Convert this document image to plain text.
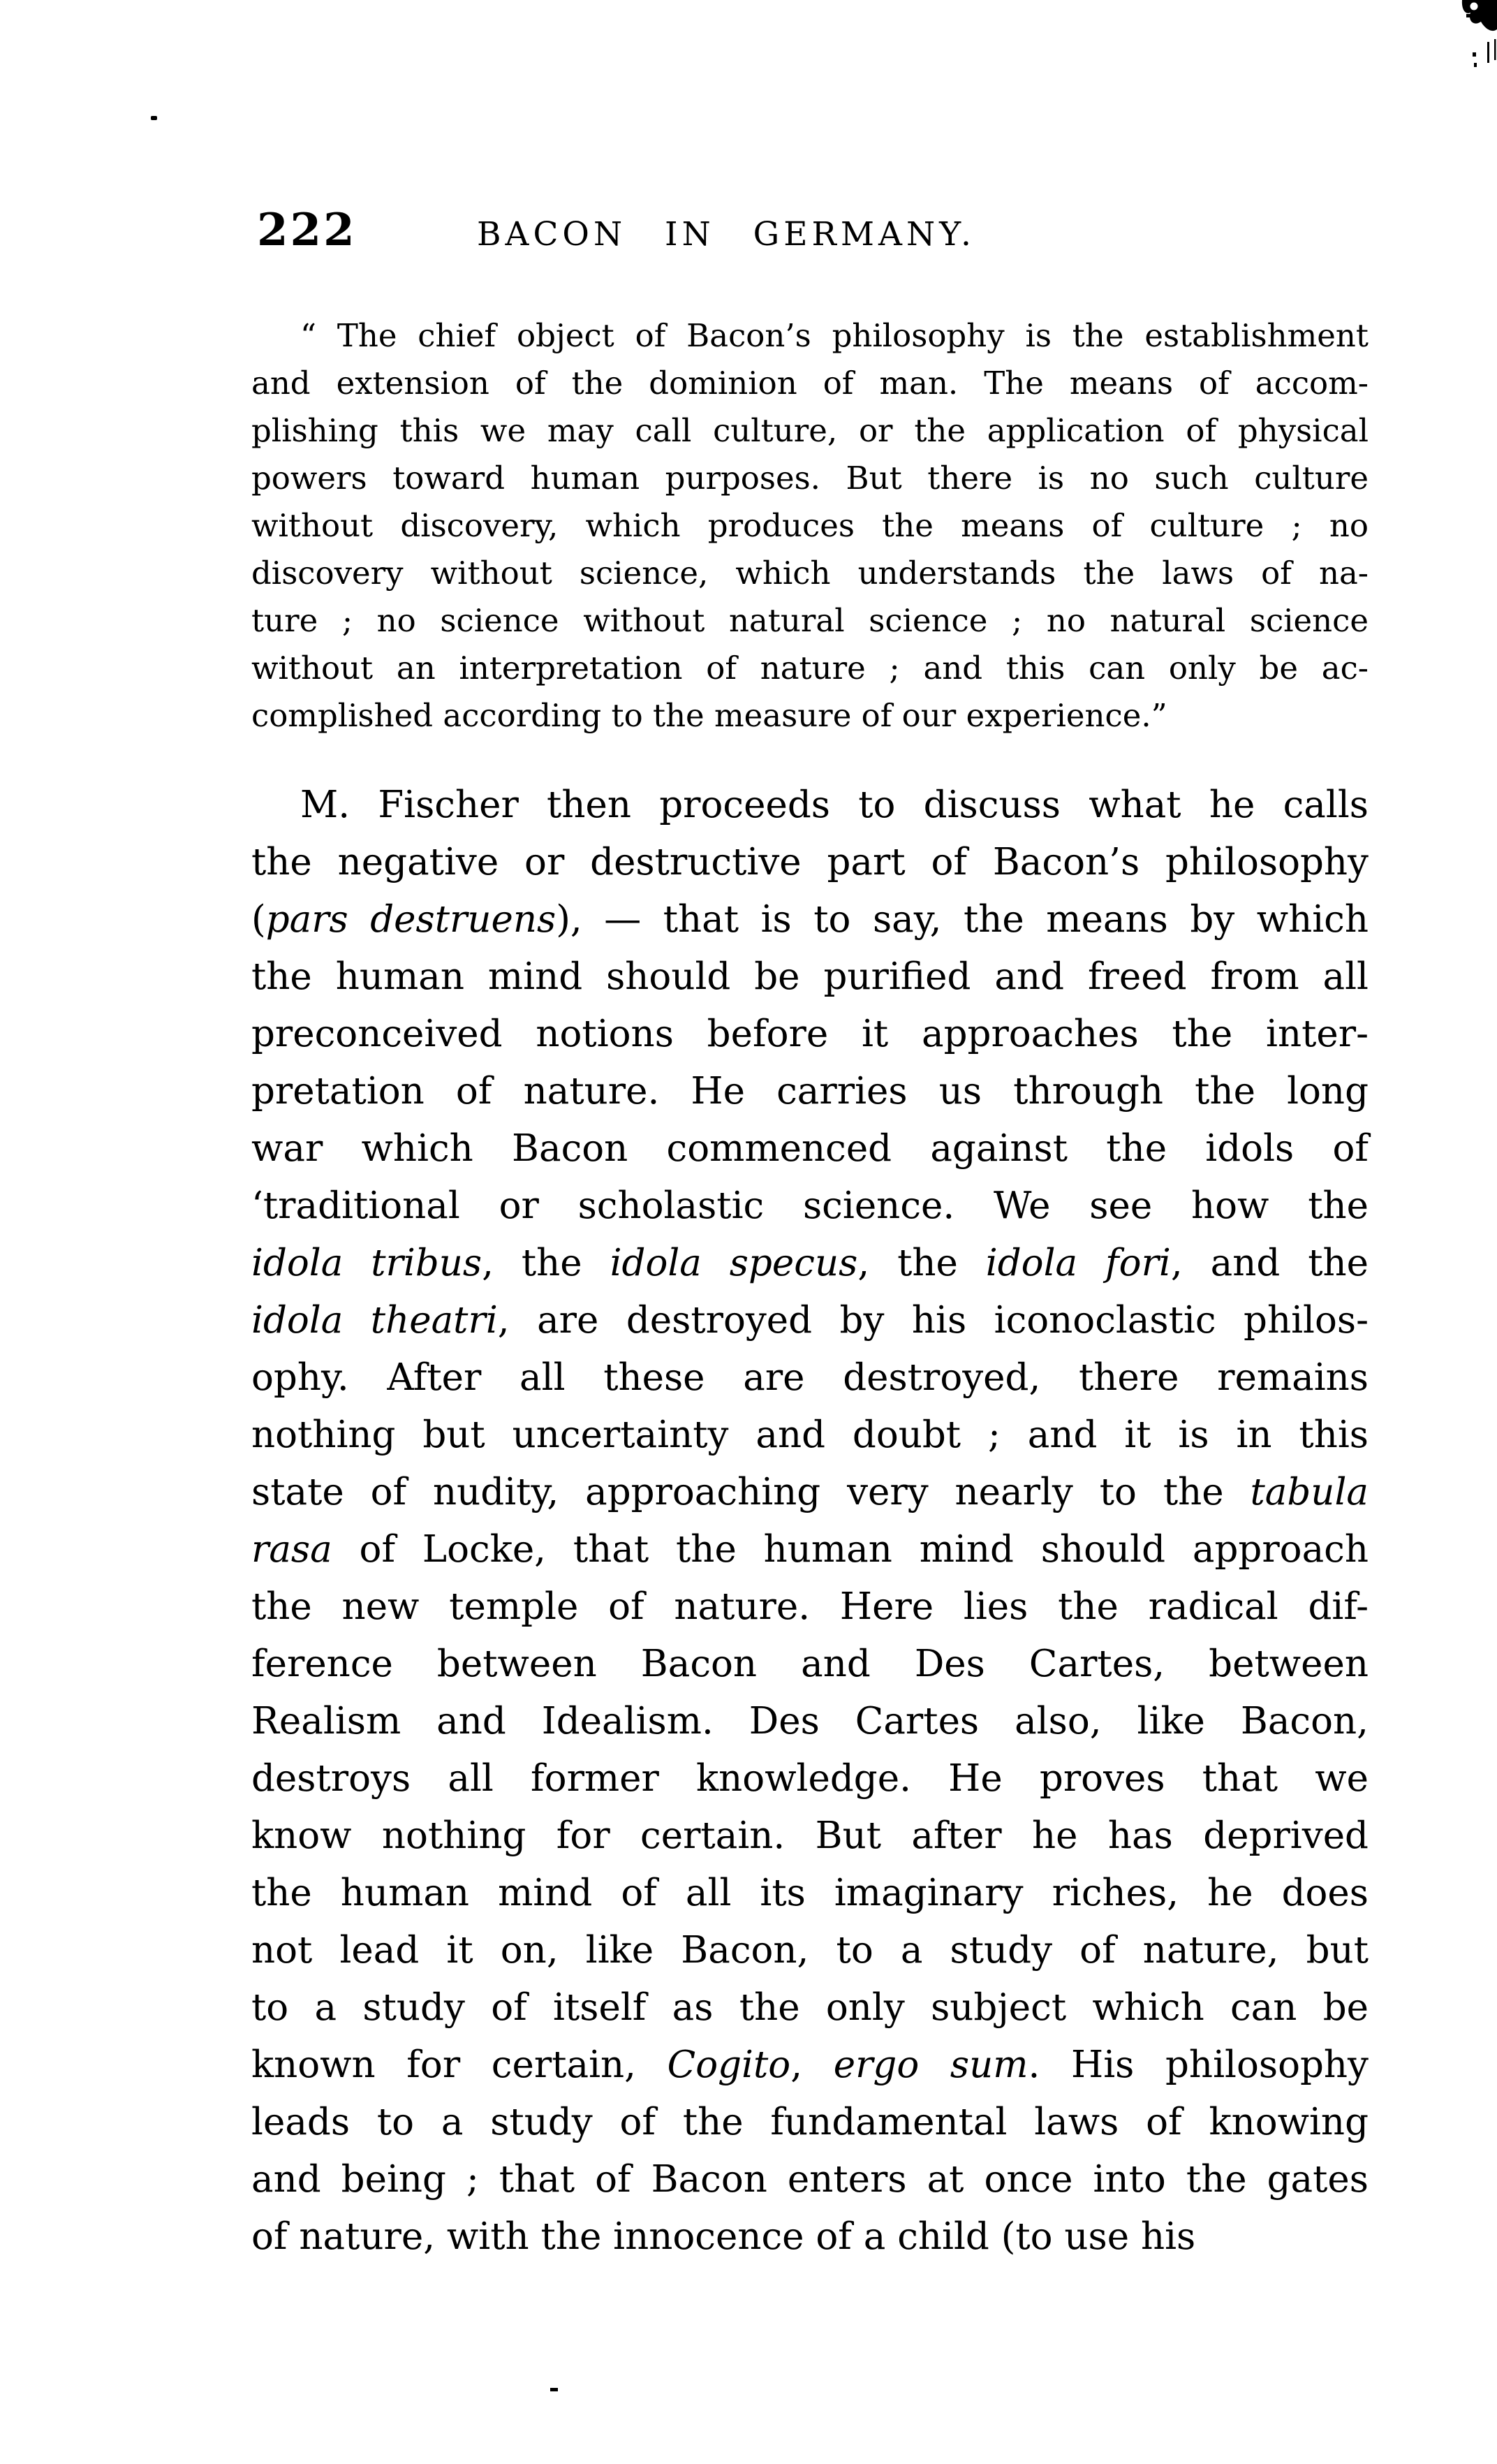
222	BACON IN GERMANY.
“ The chief object of Bacon’s philosophy is the establishment
and extension of the dominion of man. The means of accom-
plishing this we may call culture, or the application of physical
powers toward human purposes. But there is no such culture
without discovery, which produces the means of culture ; no
discovery without science, which understands the laws of na-
ture ; no science without natural science ; no natural science
without an interpretation of nature ; and this can only be ac-
complished according to the measure of our experience.”
M. Fischer then proceeds to discuss what he calls
the negative or destructive part of Bacon’s philosophy
(pars destruens), — that is to say, the means by which
the human mind should be purified and freed from all
preconceived notions before it approaches the inter-
pretation of nature. He carries us through the long
war which Bacon commenced against the idols of
‘traditional or scholastic science. We see how the
idola tribus, the idola specus, the idola fori, and the
idola theatri, are destroyed by his iconoclastic philos-
ophy. After all these are destroyed, there remains
nothing but uncertainty and doubt ; and it is in this
state of nudity, approaching very nearly to the tabula
rasa of Locke, that the human mind should approach
the new temple of nature. Here lies the radical dif-
ference between Bacon and Des Cartes, between
Realism and Idealism. Des Cartes also, like Bacon,
destroys all former knowledge. He proves that we
know nothing for certain. But after he has deprived
the human mind of all its imaginary riches, he does
not lead it on, like Bacon, to a study of nature, but
to a study of itself as the only subject which can be
known for certain, Cogito, ergo sum. His philosophy
leads to a study of the fundamental laws of knowing
and being ; that of Bacon enters at once into the gates
of nature, with the innocence of a child (to use his
